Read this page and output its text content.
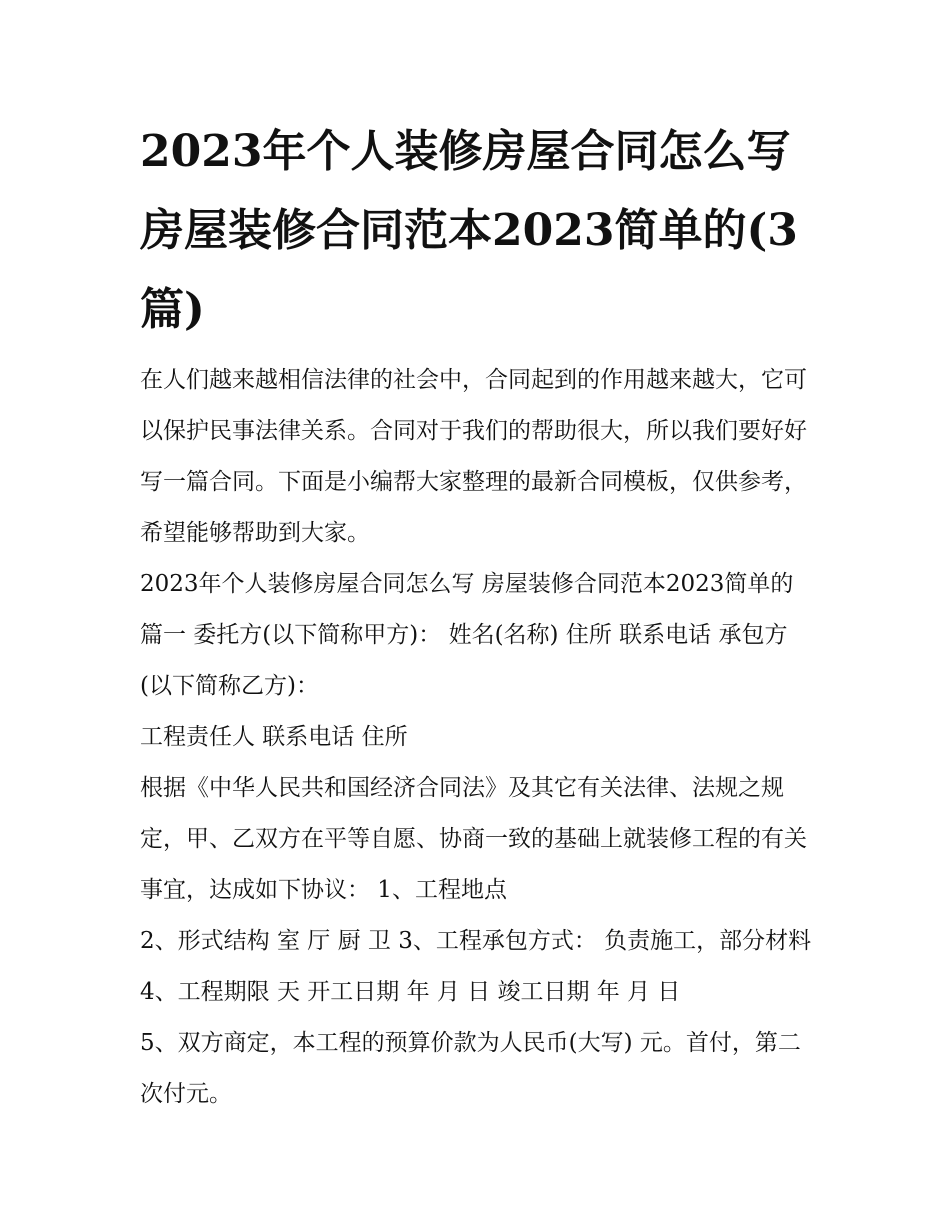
2023年个人装修房屋合同怎么写 房屋装修合同范本2023简单的(3篇)

在人们越来越相信法律的社会中，合同起到的作用越来越大，它可以保护民事法律关系。合同对于我们的帮助很大，所以我们要好好写一篇合同。下面是小编帮大家整理的最新合同模板，仅供参考，希望能够帮助到大家。

2023年个人装修房屋合同怎么写 房屋装修合同范本2023简单的篇一 委托方(以下简称甲方)： 姓名(名称) 住所 联系电话 承包方(以下简称乙方)：

工程责任人 联系电话 住所

根据《中华人民共和国经济合同法》及其它有关法律、法规之规定，甲、乙双方在平等自愿、协商一致的基础上就装修工程的有关事宜，达成如下协议： 1、工程地点

2、形式结构 室 厅 厨 卫 3、工程承包方式： 负责施工，部分材料 4、工程期限 天 开工日期 年 月 日 竣工日期 年 月 日

5、双方商定，本工程的预算价款为人民币(大写) 元。首付，第二次付元。
